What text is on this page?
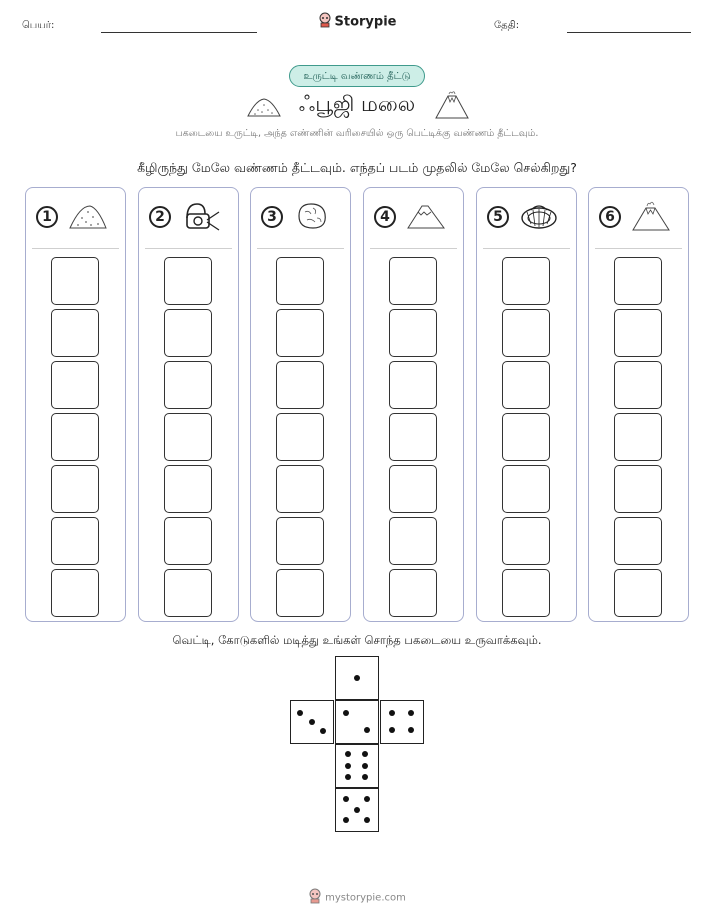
பெயர்:	Storypie	தேதி:
உருட்டி வண்ணம் தீட்டு
ஃபூஜி மலை
பகடையை உருட்டி, அந்த எண்ணின் வரிசையில் ஒரு பெட்டிக்கு வண்ணம் தீட்டவும்.
கீழிருந்து மேலே வண்ணம் தீட்டவும். எந்தப் படம் முதலில் மேலே செல்கிறது?
1	2	3	4	5	6
வெட்டி, கோடுகளில் மடித்து உங்கள் சொந்த பகடையை உருவாக்கவும்.
mystorypie.com
